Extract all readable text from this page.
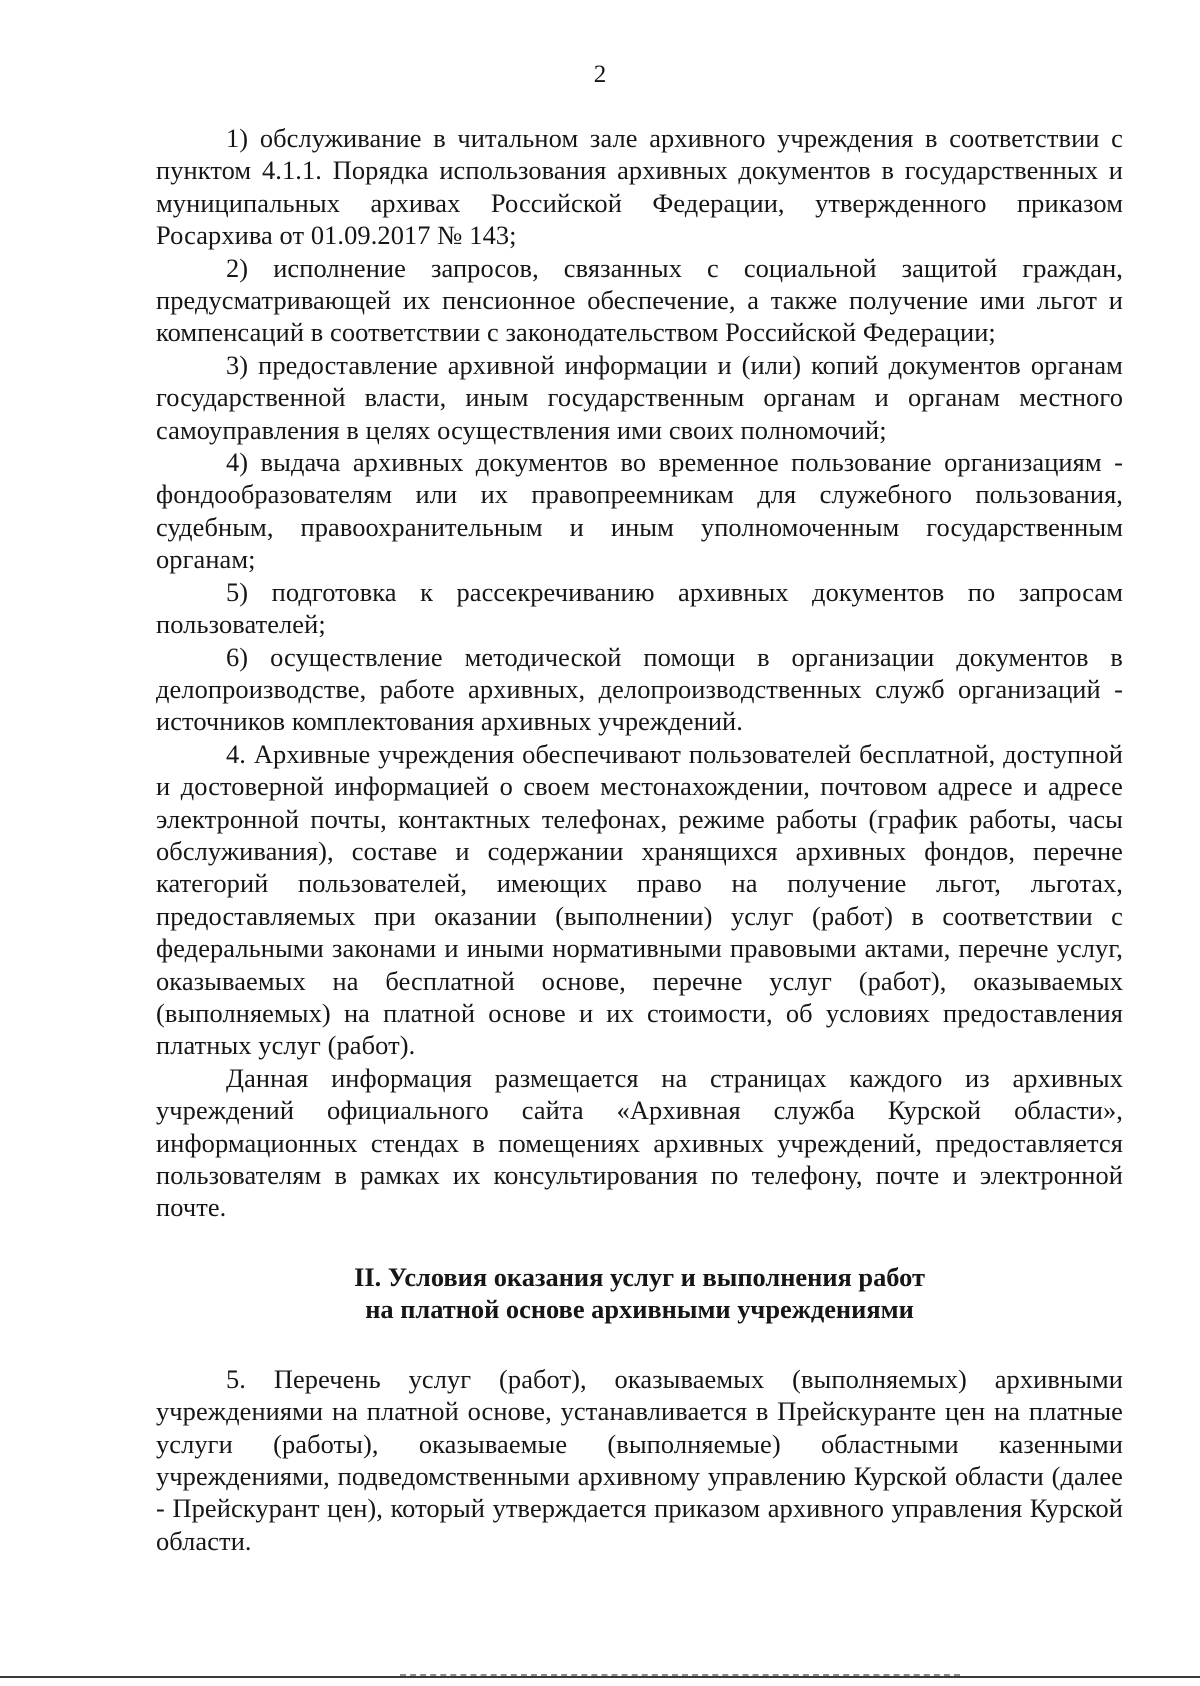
2

1) обслуживание в читальном зале архивного учреждения в соответствии с пунктом 4.1.1. Порядка использования архивных документов в государственных и муниципальных архивах Российской Федерации, утвержденного приказом Росархива от 01.09.2017 № 143;

2) исполнение запросов, связанных с социальной защитой граждан, предусматривающей их пенсионное обеспечение, а также получение ими льгот и компенсаций в соответствии с законодательством Российской Федерации;

3) предоставление архивной информации и (или) копий документов органам государственной власти, иным государственным органам и органам местного самоуправления в целях осуществления ими своих полномочий;

4) выдача архивных документов во временное пользование организациям - фондообразователям или их правопреемникам для служебного пользования, судебным, правоохранительным и иным уполномоченным государственным органам;

5) подготовка к рассекречиванию архивных документов по запросам пользователей;

6) осуществление методической помощи в организации документов в делопроизводстве, работе архивных, делопроизводственных служб организаций - источников комплектования архивных учреждений.

4. Архивные учреждения обеспечивают пользователей бесплатной, доступной и достоверной информацией о своем местонахождении, почтовом адресе и адресе электронной почты, контактных телефонах, режиме работы (график работы, часы обслуживания), составе и содержании хранящихся архивных фондов, перечне категорий пользователей, имеющих право на получение льгот, льготах, предоставляемых при оказании (выполнении) услуг (работ) в соответствии с федеральными законами и иными нормативными правовыми актами, перечне услуг, оказываемых на бесплатной основе, перечне услуг (работ), оказываемых (выполняемых) на платной основе и их стоимости, об условиях предоставления платных услуг (работ).

Данная информация размещается на страницах каждого из архивных учреждений официального сайта «Архивная служба Курской области», информационных стендах в помещениях архивных учреждений, предоставляется пользователям в рамках их консультирования по телефону, почте и электронной почте.

II. Условия оказания услуг и выполнения работ
на платной основе архивными учреждениями

5. Перечень услуг (работ), оказываемых (выполняемых) архивными учреждениями на платной основе, устанавливается в Прейскуранте цен на платные услуги (работы), оказываемые (выполняемые) областными казенными учреждениями, подведомственными архивному управлению Курской области (далее - Прейскурант цен), который утверждается приказом архивного управления Курской области.
